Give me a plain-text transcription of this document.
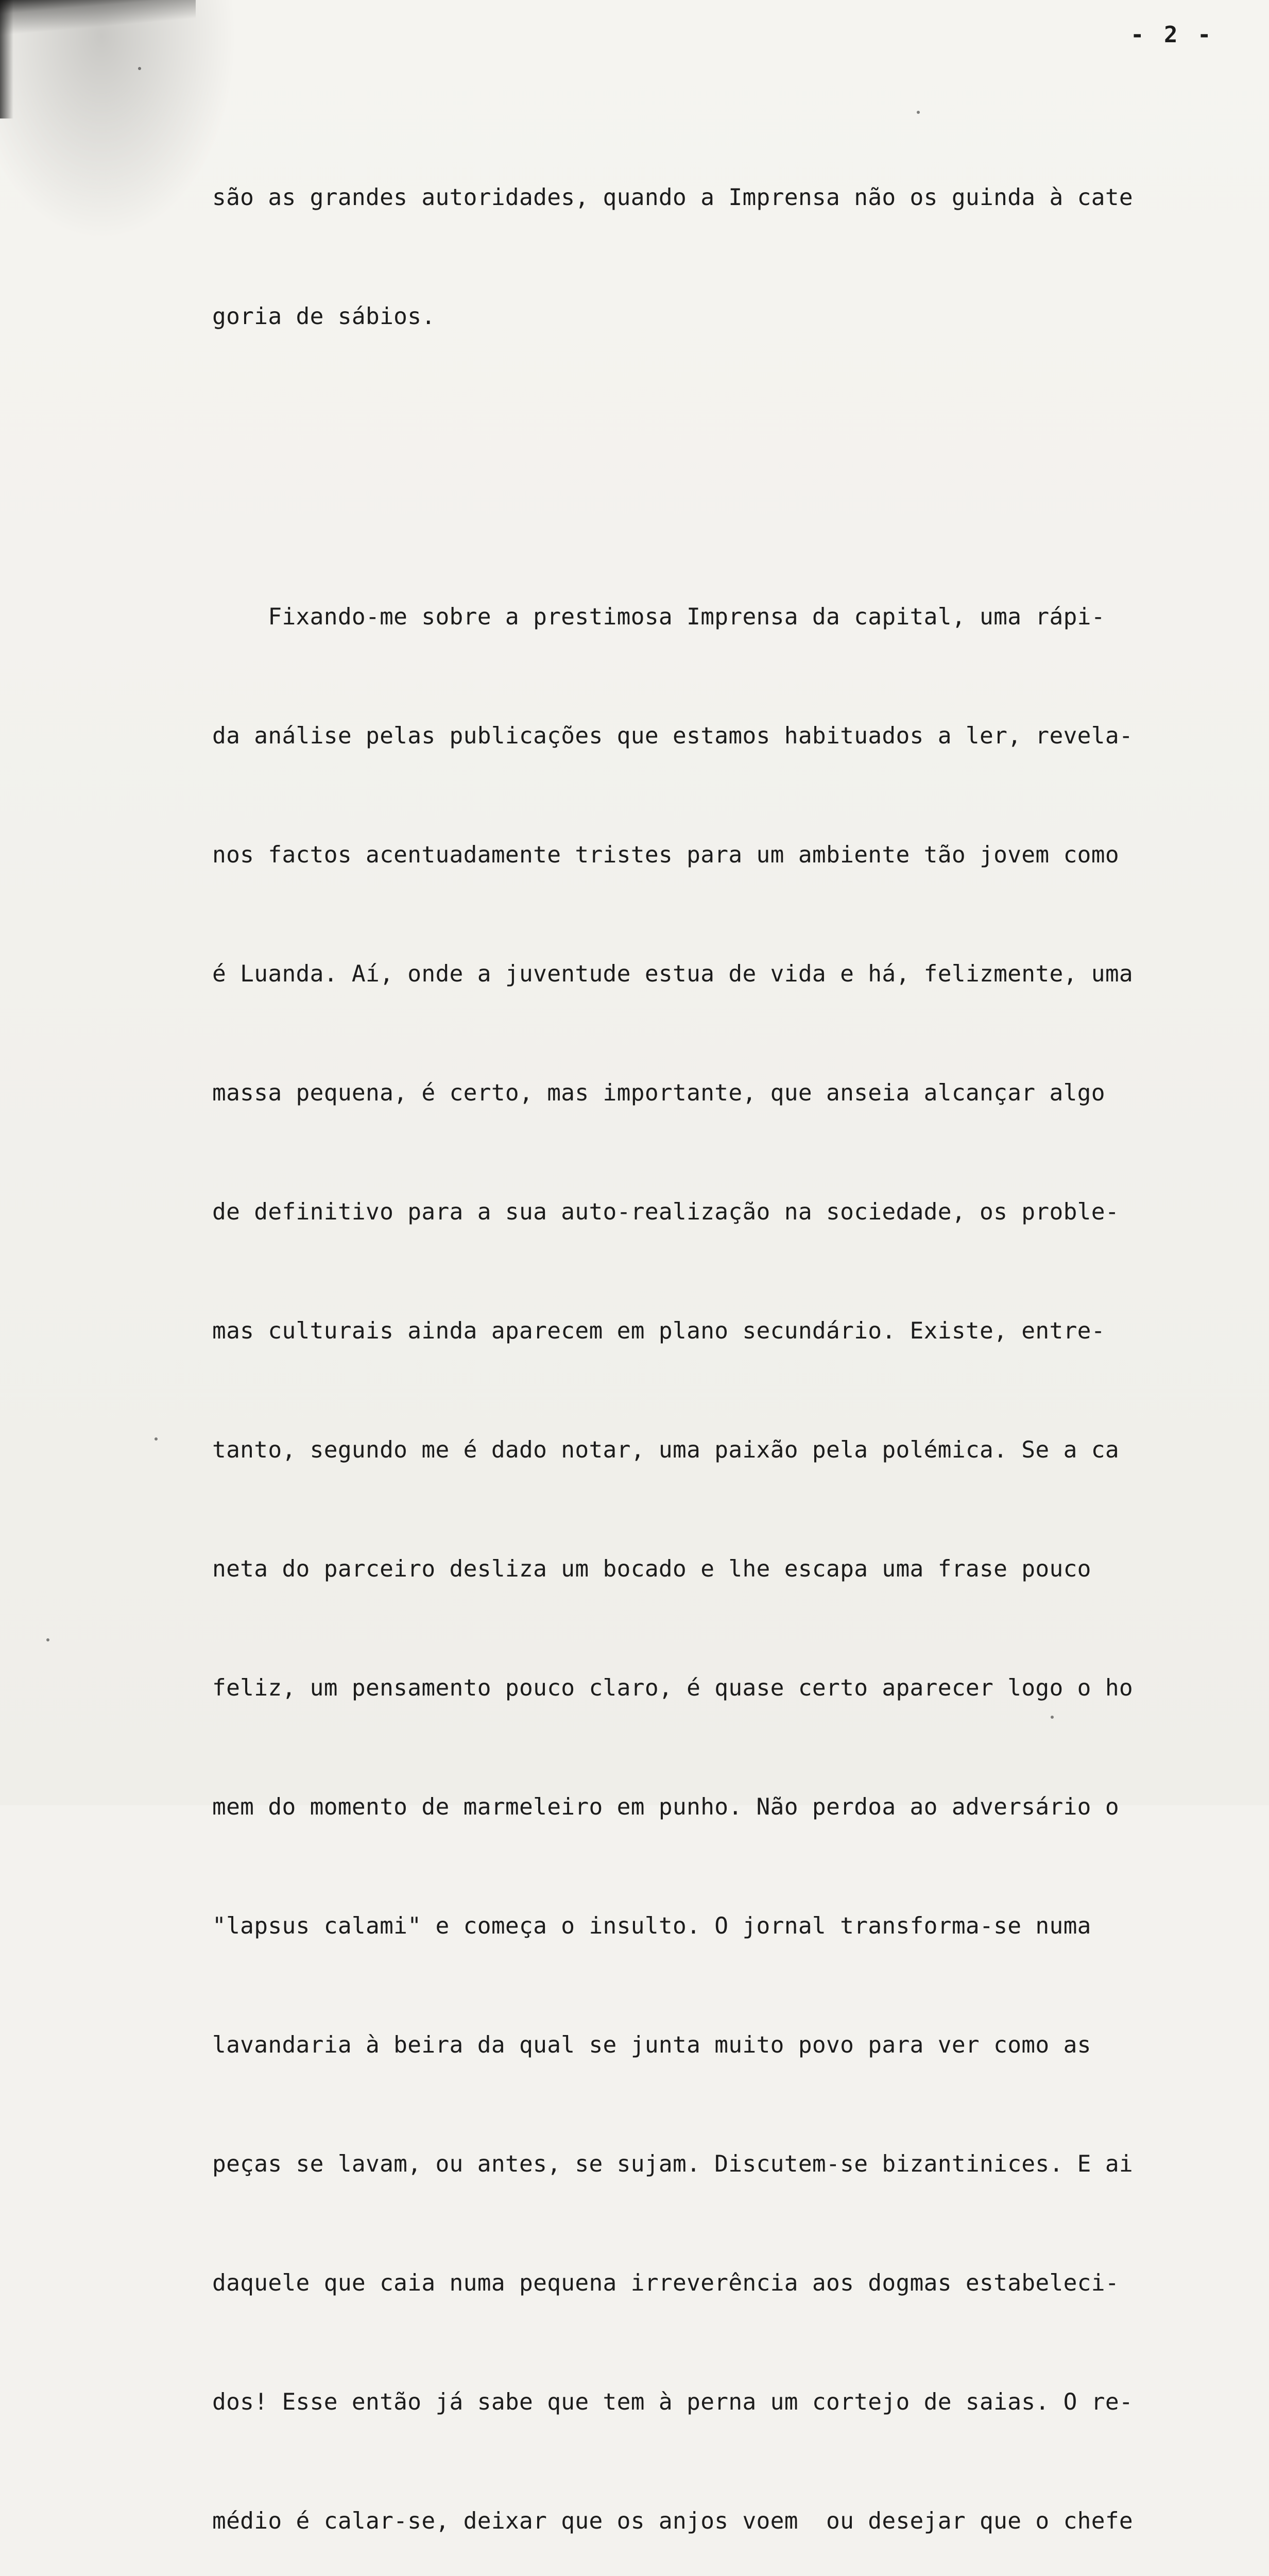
- 2 -

são as grandes autoridades, quando a Imprensa não os guinda à cate

goria de sábios.

Fixando-me sobre a prestimosa Imprensa da capital, uma rápi-

da análise pelas publicações que estamos habituados a ler, revela-

nos factos acentuadamente tristes para um ambiente tão jovem como

é Luanda. Aí, onde a juventude estua de vida e há, felizmente, uma

massa pequena, é certo, mas importante, que anseia alcançar algo

de definitivo para a sua auto-realização na sociedade, os proble-

mas culturais ainda aparecem em plano secundário. Existe, entre-

tanto, segundo me é dado notar, uma paixão pela polémica. Se a ca

neta do parceiro desliza um bocado e lhe escapa uma frase pouco

feliz, um pensamento pouco claro, é quase certo aparecer logo o ho

mem do momento de marmeleiro em punho. Não perdoa ao adversário o

"lapsus calami" e começa o insulto. O jornal transforma-se numa

lavandaria à beira da qual se junta muito povo para ver como as

peças se lavam, ou antes, se sujam. Discutem-se bizantinices. E ai

daquele que caia numa pequena irreverência aos dogmas estabeleci-

dos! Esse então já sabe que tem à perna um cortejo de saias. O re-

médio é calar-se, deixar que os anjos voem  ou desejar que o chefe
